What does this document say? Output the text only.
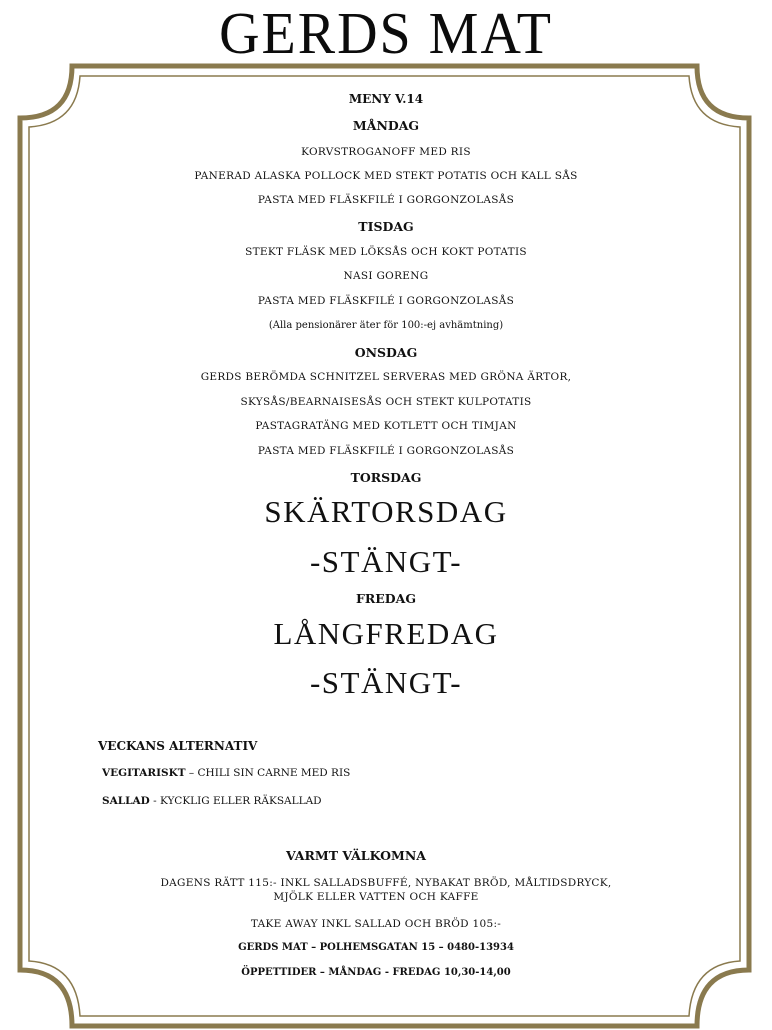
GERDS MAT
MENY V.14
MÅNDAG
KORVSTROGANOFF MED RIS
PANERAD ALASKA POLLOCK MED STEKT POTATIS OCH KALL SÅS
PASTA MED FLÄSKFILÉ I GORGONZOLASÅS
TISDAG
STEKT FLÄSK MED LÖKSÅS OCH KOKT POTATIS
NASI GORENG
PASTA MED FLÄSKFILÉ I GORGONZOLASÅS
(Alla pensionärer äter för 100:-ej avhämtning)
ONSDAG
GERDS BERÖMDA SCHNITZEL SERVERAS MED GRÖNA ÄRTOR,
SKYSÅS/BEARNAISESÅS OCH STEKT KULPOTATIS
PASTAGRATÄNG MED KOTLETT OCH TIMJAN
PASTA MED FLÄSKFILÉ I GORGONZOLASÅS
TORSDAG
SKÄRTORSDAG
-STÄNGT-
FREDAG
LÅNGFREDAG
-STÄNGT-
VECKANS ALTERNATIV
VEGITARISKT – CHILI SIN CARNE MED RIS
SALLAD - KYCKLIG ELLER RÄKSALLAD
VARMT VÄLKOMNA
DAGENS RÄTT 115:- INKL SALLADSBUFFÉ, NYBAKAT BRÖD, MÅLTIDSDRYCK,
MJÖLK ELLER VATTEN OCH KAFFE
TAKE AWAY INKL SALLAD OCH BRÖD 105:-
GERDS MAT – POLHEMSGATAN 15 – 0480-13934
ÖPPETTIDER – MÅNDAG - FREDAG 10,30-14,00
